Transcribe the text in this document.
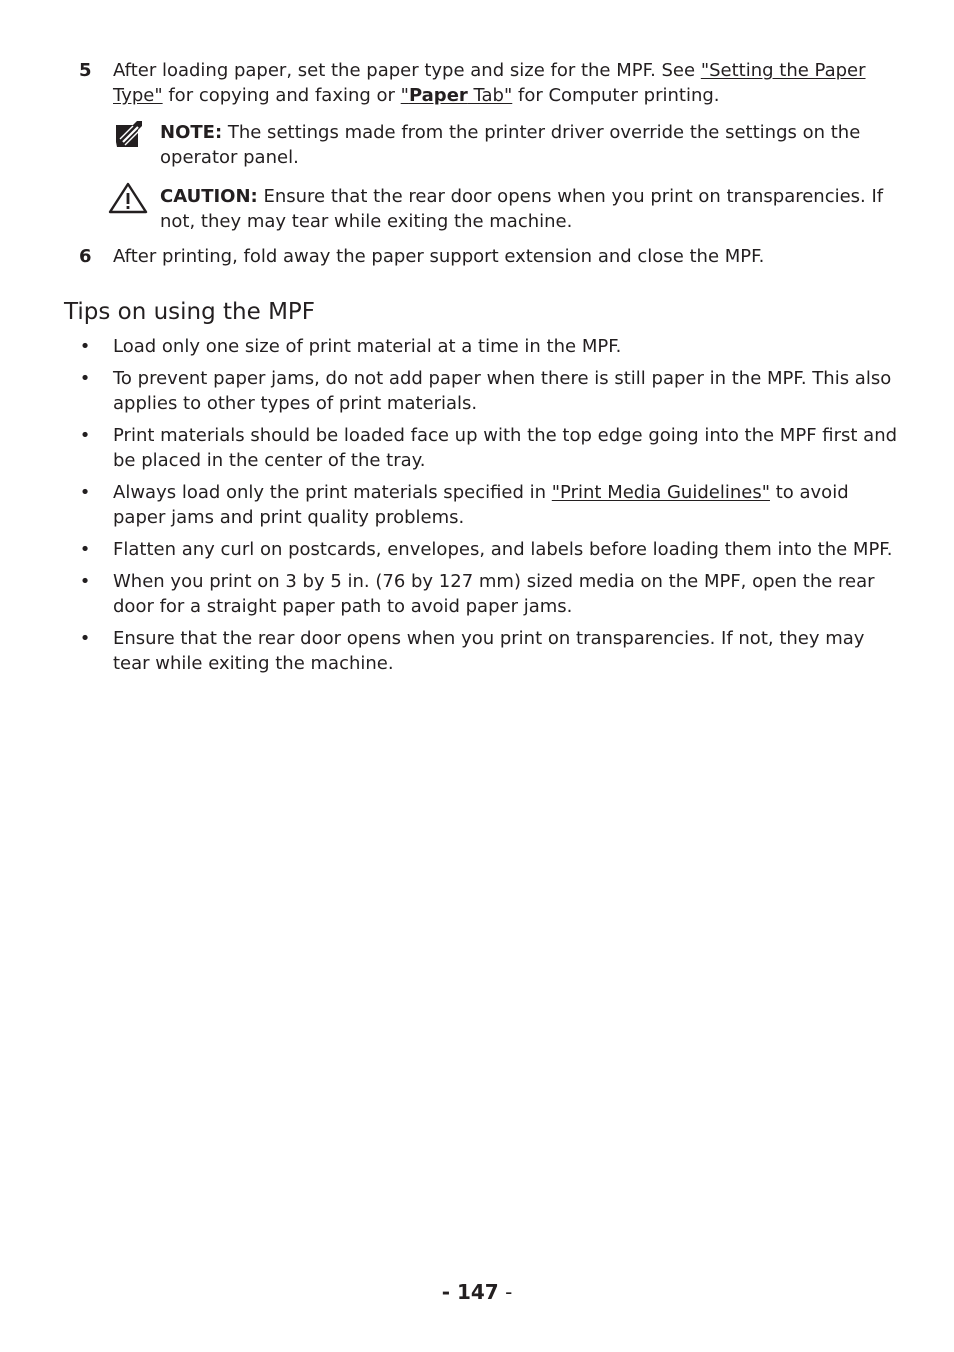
5 After loading paper, set the paper type and size for the MPF. See "Setting the Paper Type" for copying and faxing or "Paper Tab" for Computer printing.
NOTE: The settings made from the printer driver override the settings on the operator panel.
CAUTION: Ensure that the rear door opens when you print on transparencies. If not, they may tear while exiting the machine.
6 After printing, fold away the paper support extension and close the MPF.
Tips on using the MPF
• Load only one size of print material at a time in the MPF.
• To prevent paper jams, do not add paper when there is still paper in the MPF. This also applies to other types of print materials.
• Print materials should be loaded face up with the top edge going into the MPF first and be placed in the center of the tray.
• Always load only the print materials specified in "Print Media Guidelines" to avoid paper jams and print quality problems.
• Flatten any curl on postcards, envelopes, and labels before loading them into the MPF.
• When you print on 3 by 5 in. (76 by 127 mm) sized media on the MPF, open the rear door for a straight paper path to avoid paper jams.
• Ensure that the rear door opens when you print on transparencies. If not, they may tear while exiting the machine.
- 147 -
